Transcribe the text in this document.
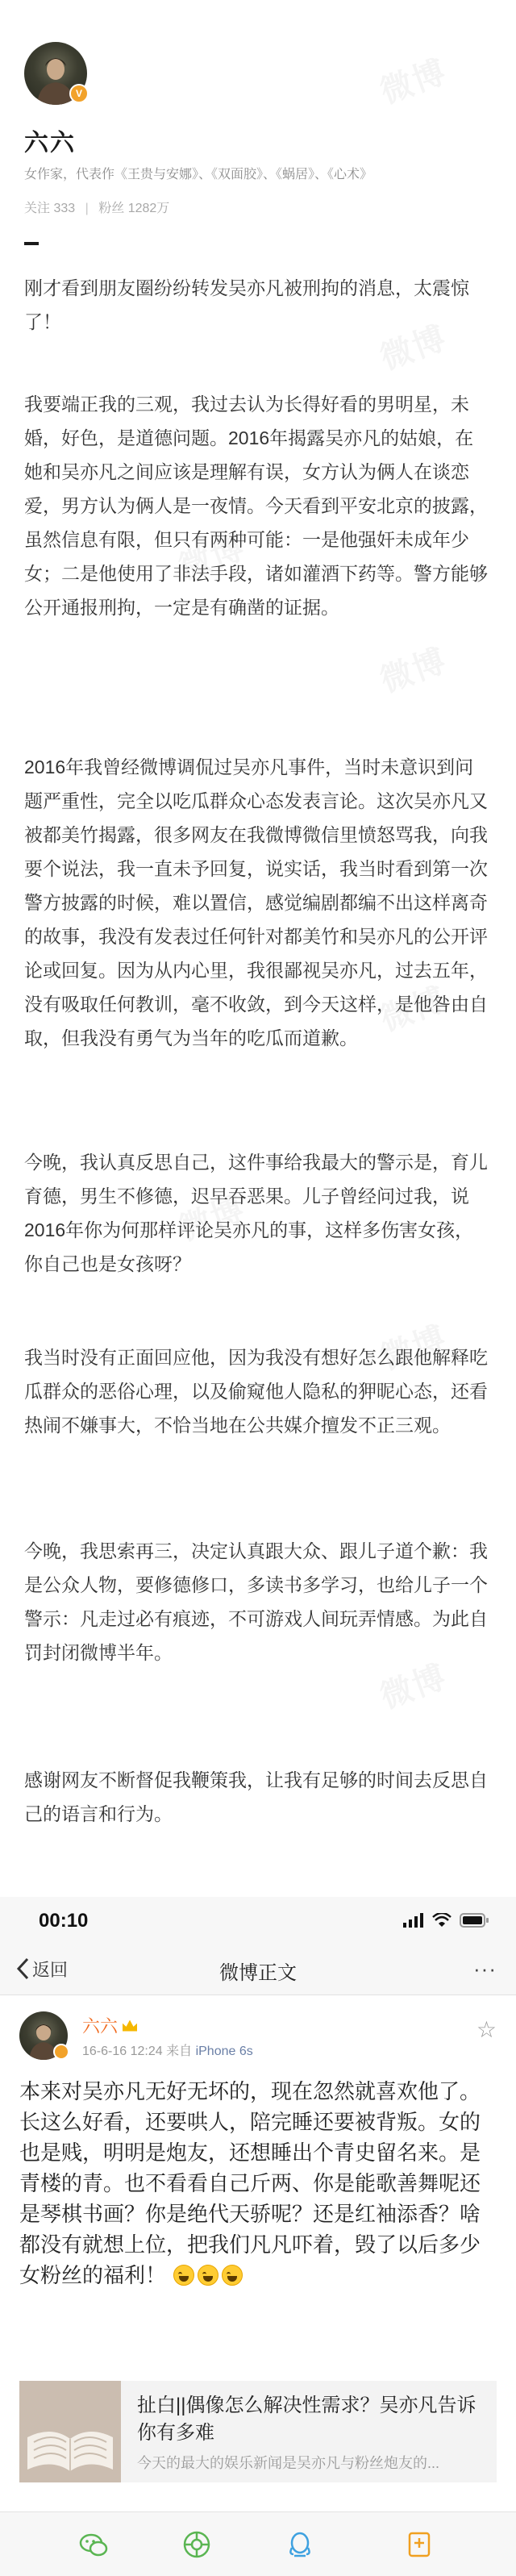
V
六六
女作家，代表作《王贵与安娜》、《双面胶》、《蜗居》、《心术》
关注 333 | 粉丝 1282万

刚才看到朋友圈纷纷转发吴亦凡被刑拘的消息，太震惊了！

我要端正我的三观，我过去认为长得好看的男明星，未婚，好色，是道德问题。2016年揭露吴亦凡的姑娘，在她和吴亦凡之间应该是理解有误，女方认为俩人在谈恋爱，男方认为俩人是一夜情。今天看到平安北京的披露，虽然信息有限，但只有两种可能：一是他强奸未成年少女；二是他使用了非法手段，诸如灌酒下药等。警方能够公开通报刑拘，一定是有确凿的证据。

2016年我曾经微博调侃过吴亦凡事件，当时未意识到问题严重性，完全以吃瓜群众心态发表言论。这次吴亦凡又被都美竹揭露，很多网友在我微博微信里愤怒骂我，向我要个说法，我一直未予回复，说实话，我当时看到第一次警方披露的时候，难以置信，感觉编剧都编不出这样离奇的故事，我没有发表过任何针对都美竹和吴亦凡的公开评论或回复。因为从内心里，我很鄙视吴亦凡，过去五年，没有吸取任何教训，毫不收敛，到今天这样，是他咎由自取，但我没有勇气为当年的吃瓜而道歉。

今晚，我认真反思自己，这件事给我最大的警示是，育儿育德，男生不修德，迟早吞恶果。儿子曾经问过我，说2016年你为何那样评论吴亦凡的事，这样多伤害女孩，你自己也是女孩呀？

我当时没有正面回应他，因为我没有想好怎么跟他解释吃瓜群众的恶俗心理，以及偷窥他人隐私的狎昵心态，还看热闹不嫌事大，不恰当地在公共媒介擅发不正三观。

今晚，我思索再三，决定认真跟大众、跟儿子道个歉：我是公众人物，要修德修口，多读书多学习，也给儿子一个警示：凡走过必有痕迹，不可游戏人间玩弄情感。为此自罚封闭微博半年。

感谢网友不断督促我鞭策我，让我有足够的时间去反思自己的语言和行为。

00:10
返回	微博正文	···
六六
16-6-16 12:24 来自 iPhone 6s
☆
本来对吴亦凡无好无坏的，现在忽然就喜欢他了。长这么好看，还要哄人，陪完睡还要被背叛。女的也是贱，明明是炮友，还想睡出个青史留名来。是青楼的青。也不看看自己斤两、你是能歌善舞呢还是琴棋书画？你是绝代天骄呢？还是红袖添香？啥都没有就想上位，把我们凡凡吓着，毁了以后多少女粉丝的福利！
扯白||偶像怎么解决性需求？吴亦凡告诉你有多难
今天的最大的娱乐新闻是吴亦凡与粉丝炮友的...
